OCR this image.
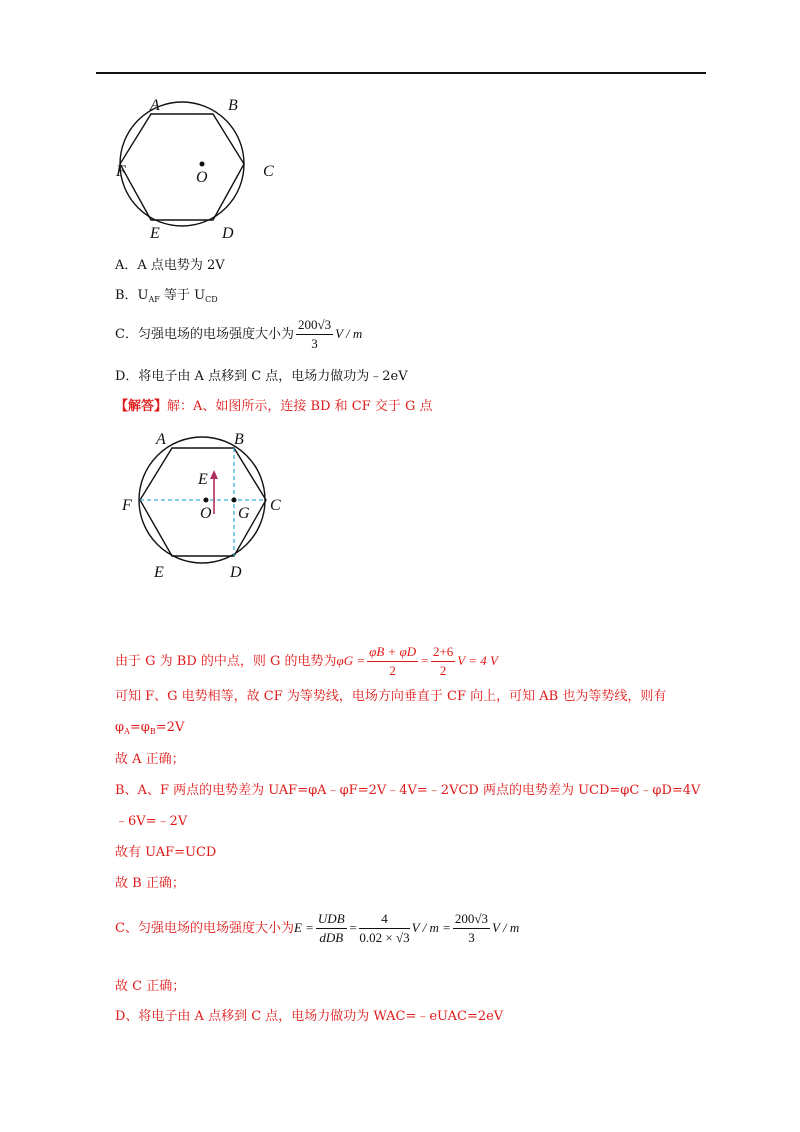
A	B
C
D
E
F	O
A．A 点电势为 2V
B．$U_{AF}$ 等于 $U_{CD}$
C．匀强电场的电场强度大小为 $\frac{200√3}{3}$ V / m
D．将电子由 A 点移到 C 点，电场力做功为﹣2eV
【解答】解：A、如图所示，连接 BD 和 CF 交于 G 点
A	B
C
D
E
F	O G
E
由于 G 为 BD 的中点，则 G 的电势为$\varphi G = \frac{\varphi B + \varphi D}{2} = \frac{2+6}{2}$ V = 4 V
可知 F、G 电势相等，故 CF 为等势线，电场方向垂直于 CF 向上，可知 AB 也为等势线，则有
$\varphi_A=\varphi_B=2V$
故 A 正确；
B、A、F 两点的电势差为 UAF=φA﹣φF=2V﹣4V=﹣2VCD 两点的电势差为 UCD=φC﹣φD=4V
﹣6V=﹣2V
故有 UAF=UCD
故 B 正确；
C、匀强电场的电场强度大小为$E = \frac{\text{UDB}}{\text{dDB}} = \frac{4}{0.02 \times √3}$ $V / m = \frac{200√3}{3}$ V / m
故 C 正确；
D、将电子由 A 点移到 C 点，电场力做功为 WAC=﹣eUAC=2eV
